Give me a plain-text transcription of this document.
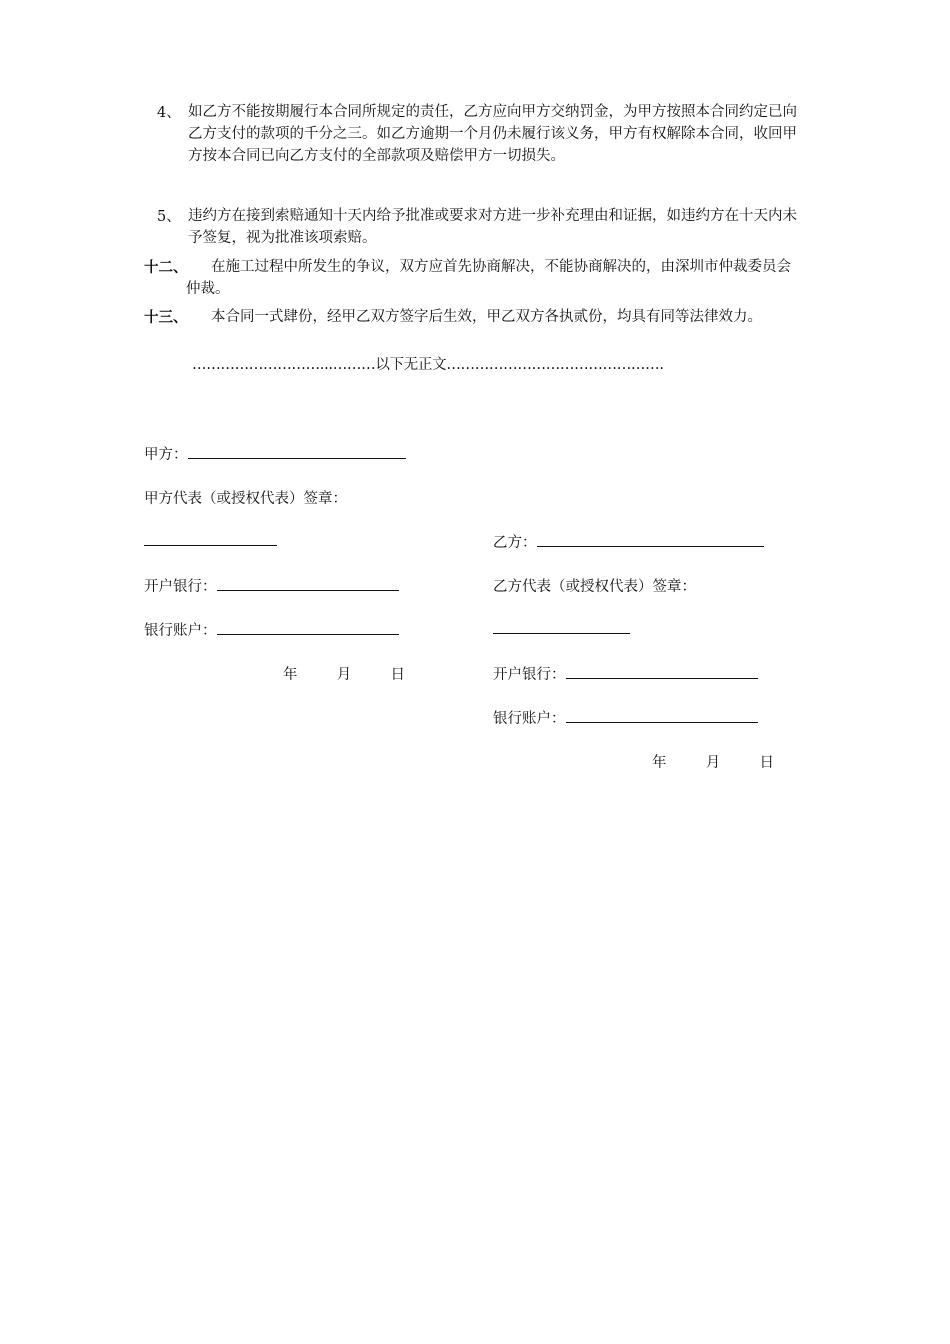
4、 如乙方不能按期履行本合同所规定的责任，乙方应向甲方交纳罚金，为甲方按照本合同约定已向乙方支付的款项的千分之三。如乙方逾期一个月仍未履行该义务，甲方有权解除本合同，收回甲方按本合同已向乙方支付的全部款项及赔偿甲方一切损失。
5、 违约方在接到索赔通知十天内给予批准或要求对方进一步补充理由和证据，如违约方在十天内未予签复，视为批准该项索赔。
十二、	在施工过程中所发生的争议，双方应首先协商解决，不能协商解决的，由深圳市仲裁委员会仲裁。
十三、	本合同一式肆份，经甲乙双方签字后生效，甲乙双方各执贰份，均具有同等法律效力。
………………………...………以下无正文……………………………………….
甲方：
甲方代表（或授权代表）签章：
开户银行：
银行账户：
年	月	日
乙方：
乙方代表（或授权代表）签章：
开户银行：
银行账户：
年	月	日
